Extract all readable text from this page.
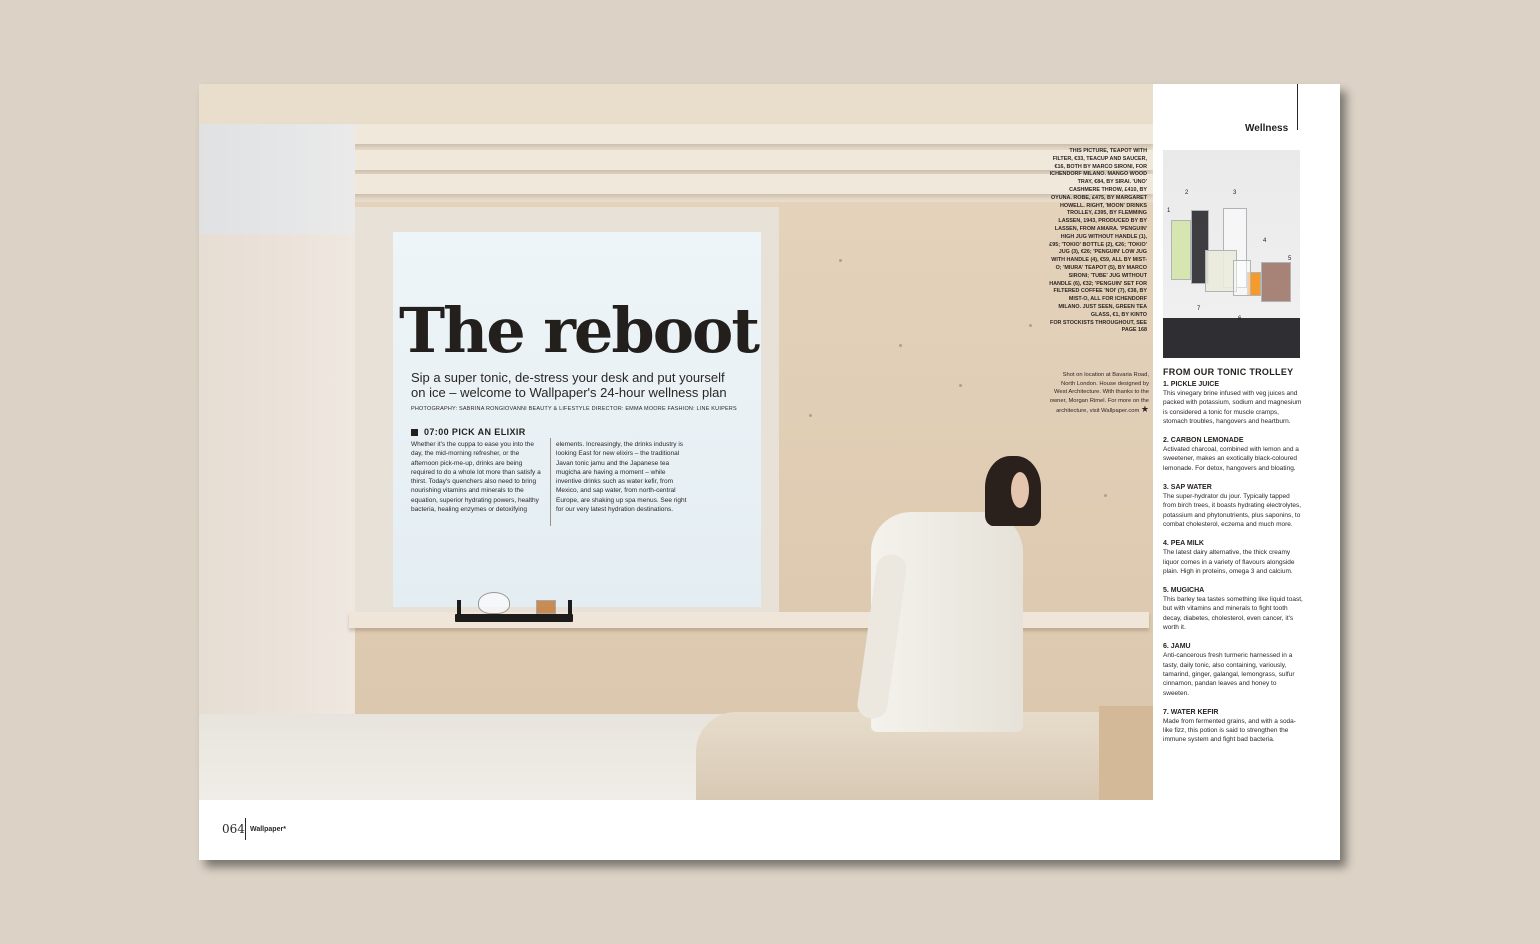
The reboot

Sip a super tonic, de-stress your desk and put yourself on ice – welcome to Wallpaper's 24-hour wellness plan

PHOTOGRAPHY: SABRINA RONGIOVANNI BEAUTY & LIFESTYLE DIRECTOR: EMMA MOORE FASHION: LINE KUIPERS

07:00 PICK AN ELIXIR

Whether it's the cuppa to ease you into the day, the mid-morning refresher, or the afternoon pick-me-up, drinks are being required to do a whole lot more than satisfy a thirst. Today's quenchers also need to bring nourishing vitamins and minerals to the equation, superior hydrating powers, healthy bacteria, healing enzymes or detoxifying

elements. Increasingly, the drinks industry is looking East for new elixirs – the traditional Javan tonic jamu and the Japanese tea mugicha are having a moment – while inventive drinks such as water kefir, from Mexico, and sap water, from north-central Europe, are shaking up spa menus. See right for our very latest hydration destinations.

THIS PICTURE, TEAPOT WITH FILTER, €33, TEACUP AND SAUCER, €16, BOTH BY MARCO SIRONI, FOR ICHENDORF MILANO. MANGO WOOD TRAY, €84, BY SIRAI. 'UNO' CASHMERE THROW, £410, BY OYUNA. ROBE, £475, BY MARGARET HOWELL. RIGHT, 'MOON' DRINKS TROLLEY, £395, BY FLEMMING LASSEN, 1943, PRODUCED BY BY LASSEN, FROM AMARA. 'PENGUIN' HIGH JUG WITHOUT HANDLE (1), £95; 'TOKIO' BOTTLE (2), €26; 'TOKIO' JUG (3), €26; 'PENGUIN' LOW JUG WITH HANDLE (4), €59, ALL BY MIST-O; 'MIURA' TEAPOT (5), BY MARCO SIRONI; 'TUBE' JUG WITHOUT HANDLE (6), €32; 'PENGUIN' SET FOR FILTERED COFFEE 'NOI' (7), €38, BY MIST-O, ALL FOR ICHENDORF MILANO. JUST SEEN, GREEN TEA GLASS, €1, BY KINTO
FOR STOCKISTS THROUGHOUT, SEE PAGE 168

Shot on location at Bavaria Road, North London. House designed by West Architecture. With thanks to the owner, Morgan Rimel. For more on the architecture, visit Wallpaper.com ★

Wellness

1
2	3
4
5
6
7

FROM OUR TONIC TROLLEY

1. PICKLE JUICE

This vinegary brine infused with veg juices and packed with potassium, sodium and magnesium is considered a tonic for muscle cramps, stomach troubles, hangovers and heartburn.

2. CARBON LEMONADE

Activated charcoal, combined with lemon and a sweetener, makes an exotically black-coloured lemonade. For detox, hangovers and bloating.

3. SAP WATER

The super-hydrator du jour. Typically tapped from birch trees, it boasts hydrating electrolytes, potassium and phytonutrients, plus saponins, to combat cholesterol, eczema and much more.

4. PEA MILK

The latest dairy alternative, the thick creamy liquor comes in a variety of flavours alongside plain. High in proteins, omega 3 and calcium.

5. MUGICHA

This barley tea tastes something like liquid toast, but with vitamins and minerals to fight tooth decay, diabetes, cholesterol, even cancer, it's worth it.

6. JAMU

Anti-cancerous fresh turmeric harnessed in a tasty, daily tonic, also containing, variously, tamarind, ginger, galangal, lemongrass, sulfur cinnamon, pandan leaves and honey to sweeten.

7. WATER KEFIR

Made from fermented grains, and with a soda-like fizz, this potion is said to strengthen the immune system and fight bad bacteria.

064 Wallpaper*
